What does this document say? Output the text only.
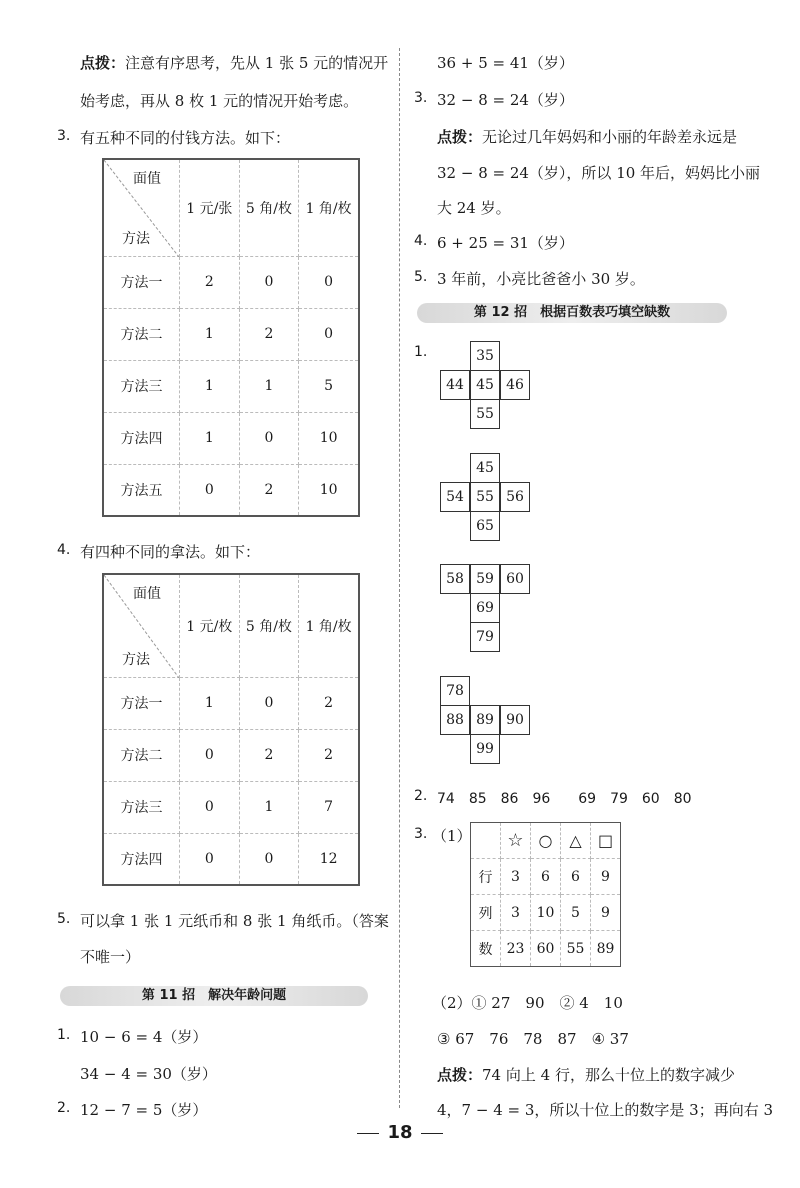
点拨：注意有序思考，先从 1 张 5 元的情况开
始考虑，再从 8 枚 1 元的情况开始考虑。
3. 有五种不同的付钱方法。如下：
面值
方法	1 元/张	5 角/枚	1 角/枚
方法一	2	0	0
方法二	1	2	0
方法三	1	1	5
方法四	1	0	10
方法五	0	2	10
4. 有四种不同的拿法。如下：
面值
方法	1 元/枚	5 角/枚	1 角/枚
方法一	1	0	2
方法二	0	2	2
方法三	0	1	7
方法四	0	0	12
5. 可以拿 1 张 1 元纸币和 8 张 1 角纸币。（答案
不唯一）
第 11 招　解决年龄问题
1. 10 − 6 = 4（岁）
34 − 4 = 30（岁）
2. 12 − 7 = 5（岁）
36 + 5 = 41（岁）
3. 32 − 8 = 24（岁）
点拨：无论过几年妈妈和小丽的年龄差永远是
32 − 8 = 24（岁），所以 10 年后，妈妈比小丽
大 24 岁。
4. 6 + 25 = 31（岁）
5. 3 年前，小亮比爸爸小 30 岁。
第 12 招　根据百数表巧填空缺数
1.	35
44 45 46
55
45
54 55 56
65
58 59 60
69
79
78
88 89 90
99
2. 74　85　86　96　　69　79　60　80
3. （1）
	☆	○	△	□
行	3	6	6	9
列	3	10	5	9
数	23	60	55	89
（2）① 27　90　② 4　10
③ 67　76　78　87　④ 37
点拨：74 向上 4 行，那么十位上的数字减少
4，7 − 4 = 3，所以十位上的数字是 3；再向右 3
18
